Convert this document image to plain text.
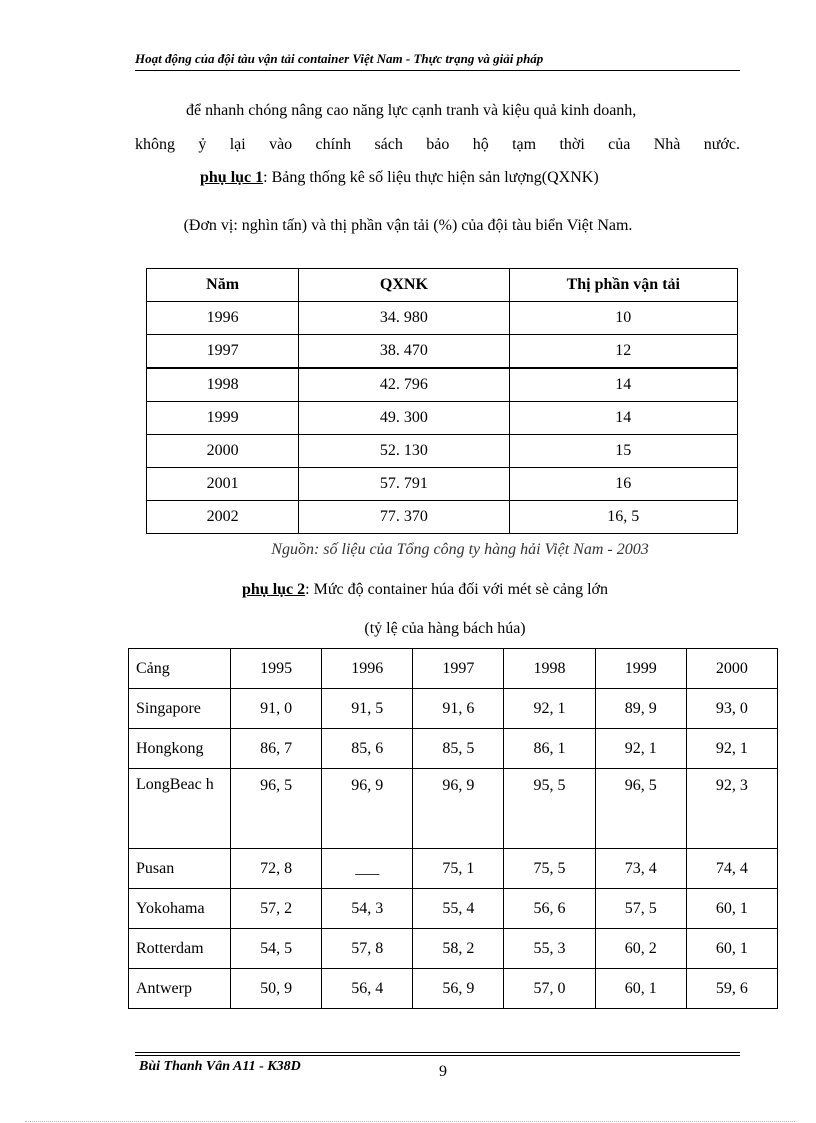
Hoạt động của đội tàu vận tải container Việt Nam - Thực trạng và giải pháp
để nhanh chóng nâng cao năng lực cạnh tranh và kiệu quả kinh doanh,
không ỷ lại vào chính sách bảo hộ tạm thời của Nhà nước.
phụ lục 1: Bảng thống kê số liệu thực hiện sản lượng(QXNK)
(Đơn vị: nghìn tấn) và thị phần vận tải (%) của đội tàu biển Việt Nam.
Năm	QXNK	Thị phần vận tải
1996	34. 980	10
1997	38. 470	12
1998	42. 796	14
1999	49. 300	14
2000	52. 130	15
2001	57. 791	16
2002	77. 370	16, 5
Nguồn: số liệu của Tổng công ty hàng hải Việt Nam - 2003
phụ lục 2: Mức độ container húa đối với mét sè cảng lớn
(tỷ lệ của hàng bách húa)
Cảng	1995	1996	1997	1998	1999	2000
Singapore	91, 0	91, 5	91, 6	92, 1	89, 9	93, 0
Hongkong	86, 7	85, 6	85, 5	86, 1	92, 1	92, 1
LongBeac h	96, 5	96, 9	96, 9	95, 5	96, 5	92, 3
Pusan	72, 8	___	75, 1	75, 5	73, 4	74, 4
Yokohama	57, 2	54, 3	55, 4	56, 6	57, 5	60, 1
Rotterdam	54, 5	57, 8	58, 2	55, 3	60, 2	60, 1
Antwerp	50, 9	56, 4	56, 9	57, 0	60, 1	59, 6
Bùi Thanh Vân A11 - K38D	9
